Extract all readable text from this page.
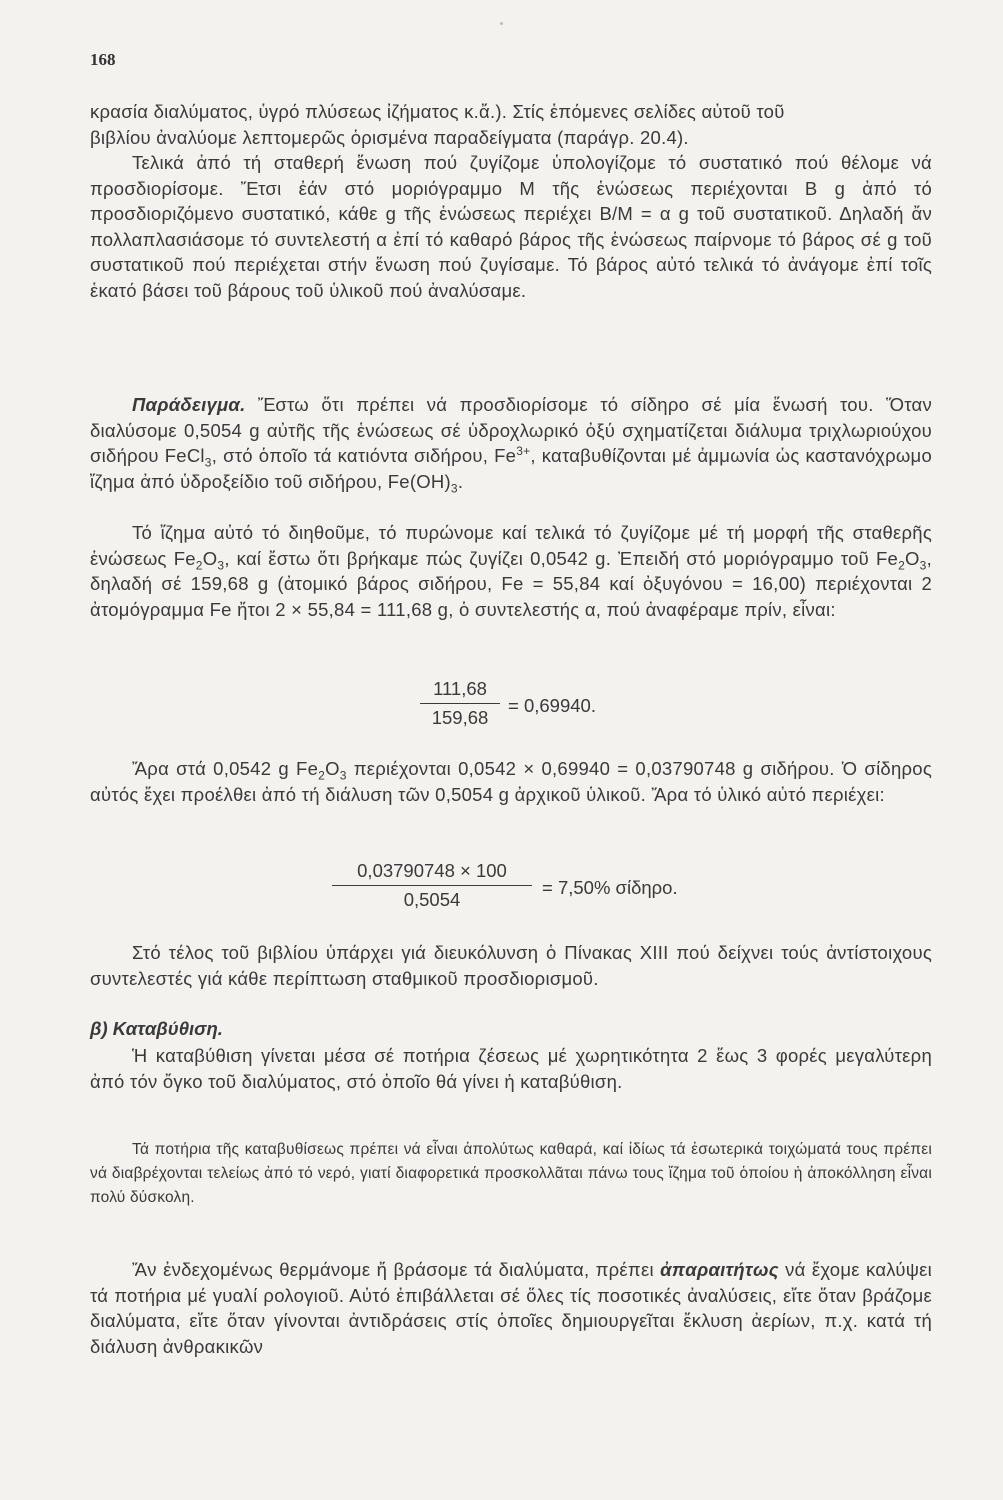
168

κρασία διαλύματος, ὑγρό πλύσεως ἰζήματος κ.ἄ.). Στίς ἑπόμενες σελίδες αὐτοῦ τοῦ
βιβλίου ἀναλύομε λεπτομερῶς ὁρισμένα παραδείγματα (παράγρ. 20.4).

Τελικά ἀπό τή σταθερή ἕνωση πού ζυγίζομε ὑπολογίζομε τό συστατικό πού θέλομε νά προσδιορίσομε. Ἔτσι ἐάν στό μοριόγραμμο Μ τῆς ἑνώσεως περιέχονται Β g ἀπό τό προσδιοριζόμενο συστατικό, κάθε g τῆς ἑνώσεως περιέχει Β/Μ = α g τοῦ συστατικοῦ. Δηλαδή ἄν πολλαπλασιάσομε τό συντελεστή α ἐπί τό καθαρό βάρος τῆς ἑνώσεως παίρνομε τό βάρος σέ g τοῦ συστατικοῦ πού περιέχεται στήν ἕνωση πού ζυγίσαμε. Τό βάρος αὐτό τελικά τό ἀνάγομε ἐπί τοῖς ἑκατό βάσει τοῦ βάρους τοῦ ὑλικοῦ πού ἀναλύσαμε.

Παράδειγμα. Ἔστω ὅτι πρέπει νά προσδιορίσομε τό σίδηρο σέ μία ἕνωσή του. Ὅταν διαλύσομε 0,5054 g αὐτῆς τῆς ἑνώσεως σέ ὑδροχλωρικό ὀξύ σχηματίζεται διάλυμα τριχλωριούχου σιδήρου FeCl$_3$, στό ὁποῖο τά κατιόντα σιδήρου, $Fe^{3+}$, καταβυθίζονται μέ ἀμμωνία ὡς καστανόχρωμο ἴζημα ἀπό ὑδροξείδιο τοῦ σιδήρου, $Fe(OH)_3$.

Τό ἴζημα αὐτό τό διηθοῦμε, τό πυρώνομε καί τελικά τό ζυγίζομε μέ τή μορφή τῆς σταθερῆς ἑνώσεως $Fe_2O_3$, καί ἔστω ὅτι βρήκαμε πώς ζυγίζει 0,0542 g. Ἐπειδή στό μοριόγραμμο τοῦ $Fe_2O_3$, δηλαδή σέ 159,68 g (ἀτομικό βάρος σιδήρου, Fe = 55,84 καί ὀξυγόνου = 16,00) περιέχονται 2 ἀτομόγραμμα Fe ἤτοι 2 × 55,84 = 111,68 g, ὁ συντελεστής α, πού ἀναφέραμε πρίν, εἶναι:

111,68
159,68
= 0,69940.

Ἄρα στά 0,0542 g $Fe_2O_3$ περιέχονται 0,0542 × 0,69940 = 0,03790748 g σιδήρου. Ὁ σίδηρος αὐτός ἔχει προέλθει ἀπό τή διάλυση τῶν 0,5054 g ἀρχικοῦ ὑλικοῦ. Ἄρα τό ὑλικό αὐτό περιέχει:

0,03790748 × 100
0,5054
= 7,50% σίδηρο.

Στό τέλος τοῦ βιβλίου ὑπάρχει γιά διευκόλυνση ὁ Πίνακας XIII πού δείχνει τούς ἀντίστοιχους συντελεστές γιά κάθε περίπτωση σταθμικοῦ προσδιορισμοῦ.

β) Καταβύθιση.

Ἡ καταβύθιση γίνεται μέσα σέ ποτήρια ζέσεως μέ χωρητικότητα 2 ἕως 3 φορές μεγαλύτερη ἀπό τόν ὄγκο τοῦ διαλύματος, στό ὁποῖο θά γίνει ἡ καταβύθιση.

Τά ποτήρια τῆς καταβυθίσεως πρέπει νά εἶναι ἀπολύτως καθαρά, καί ἰδίως τά ἐσωτερικά τοιχώματά τους πρέπει νά διαβρέχονται τελείως ἀπό τό νερό, γιατί διαφορετικά προσκολλᾶται πάνω τους ἴζημα τοῦ ὁποίου ἡ ἀποκόλληση εἶναι πολύ δύσκολη.

Ἄν ἐνδεχομένως θερμάνομε ἤ βράσομε τά διαλύματα, πρέπει ἀπαραιτήτως νά ἔχομε καλύψει τά ποτήρια μέ γυαλί ρολογιοῦ. Αὐτό ἐπιβάλλεται σέ ὅλες τίς ποσοτικές ἀναλύσεις, εἴτε ὅταν βράζομε διαλύματα, εἴτε ὅταν γίνονται ἀντιδράσεις στίς ὁποῖες δημιουργεῖται ἔκλυση ἀερίων, π.χ. κατά τή διάλυση ἀνθρακικῶν
